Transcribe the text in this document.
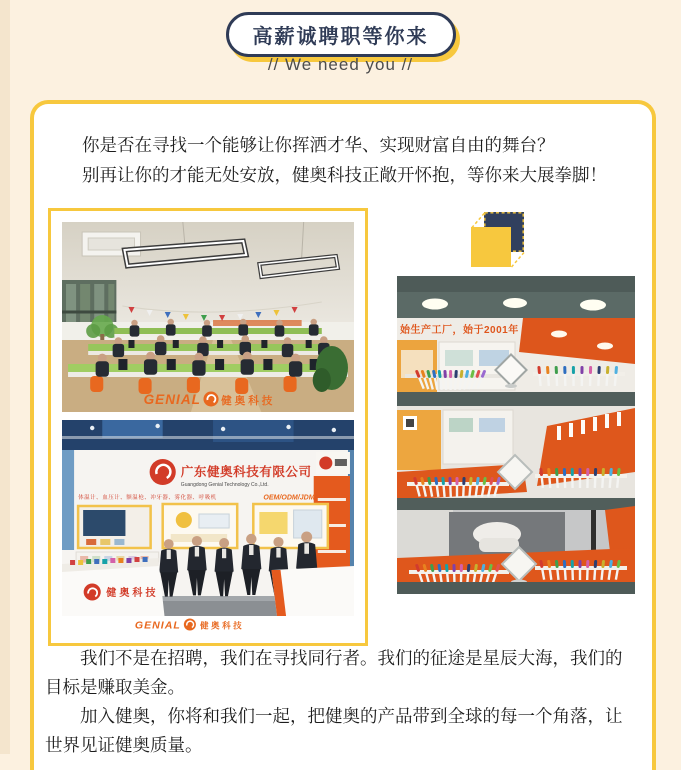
高薪诚聘职等你来
// We need you //
你是否在寻找一个能够让你挥洒才华、实现财富自由的舞台？
别再让你的才能无处安放，健奥科技正敞开怀抱，等你来大展拳脚！
GENIAL 健奥科技
广东健奥科技有限公司
Guangdong Genial Technology Co.,Ltd.
体温计、血压计、额温枪、冲牙器、雾化器、呼吸机	OEM/ODM/JDM
健奥科技
GENIAL 健奥科技
始生产工厂，始于2001年

我们不是在招聘，我们在寻找同行者。我们的征途是星辰大海，我们的目标是赚取美金。

加入健奥，你将和我们一起，把健奥的产品带到全球的每一个角落，让世界见证健奥质量。
